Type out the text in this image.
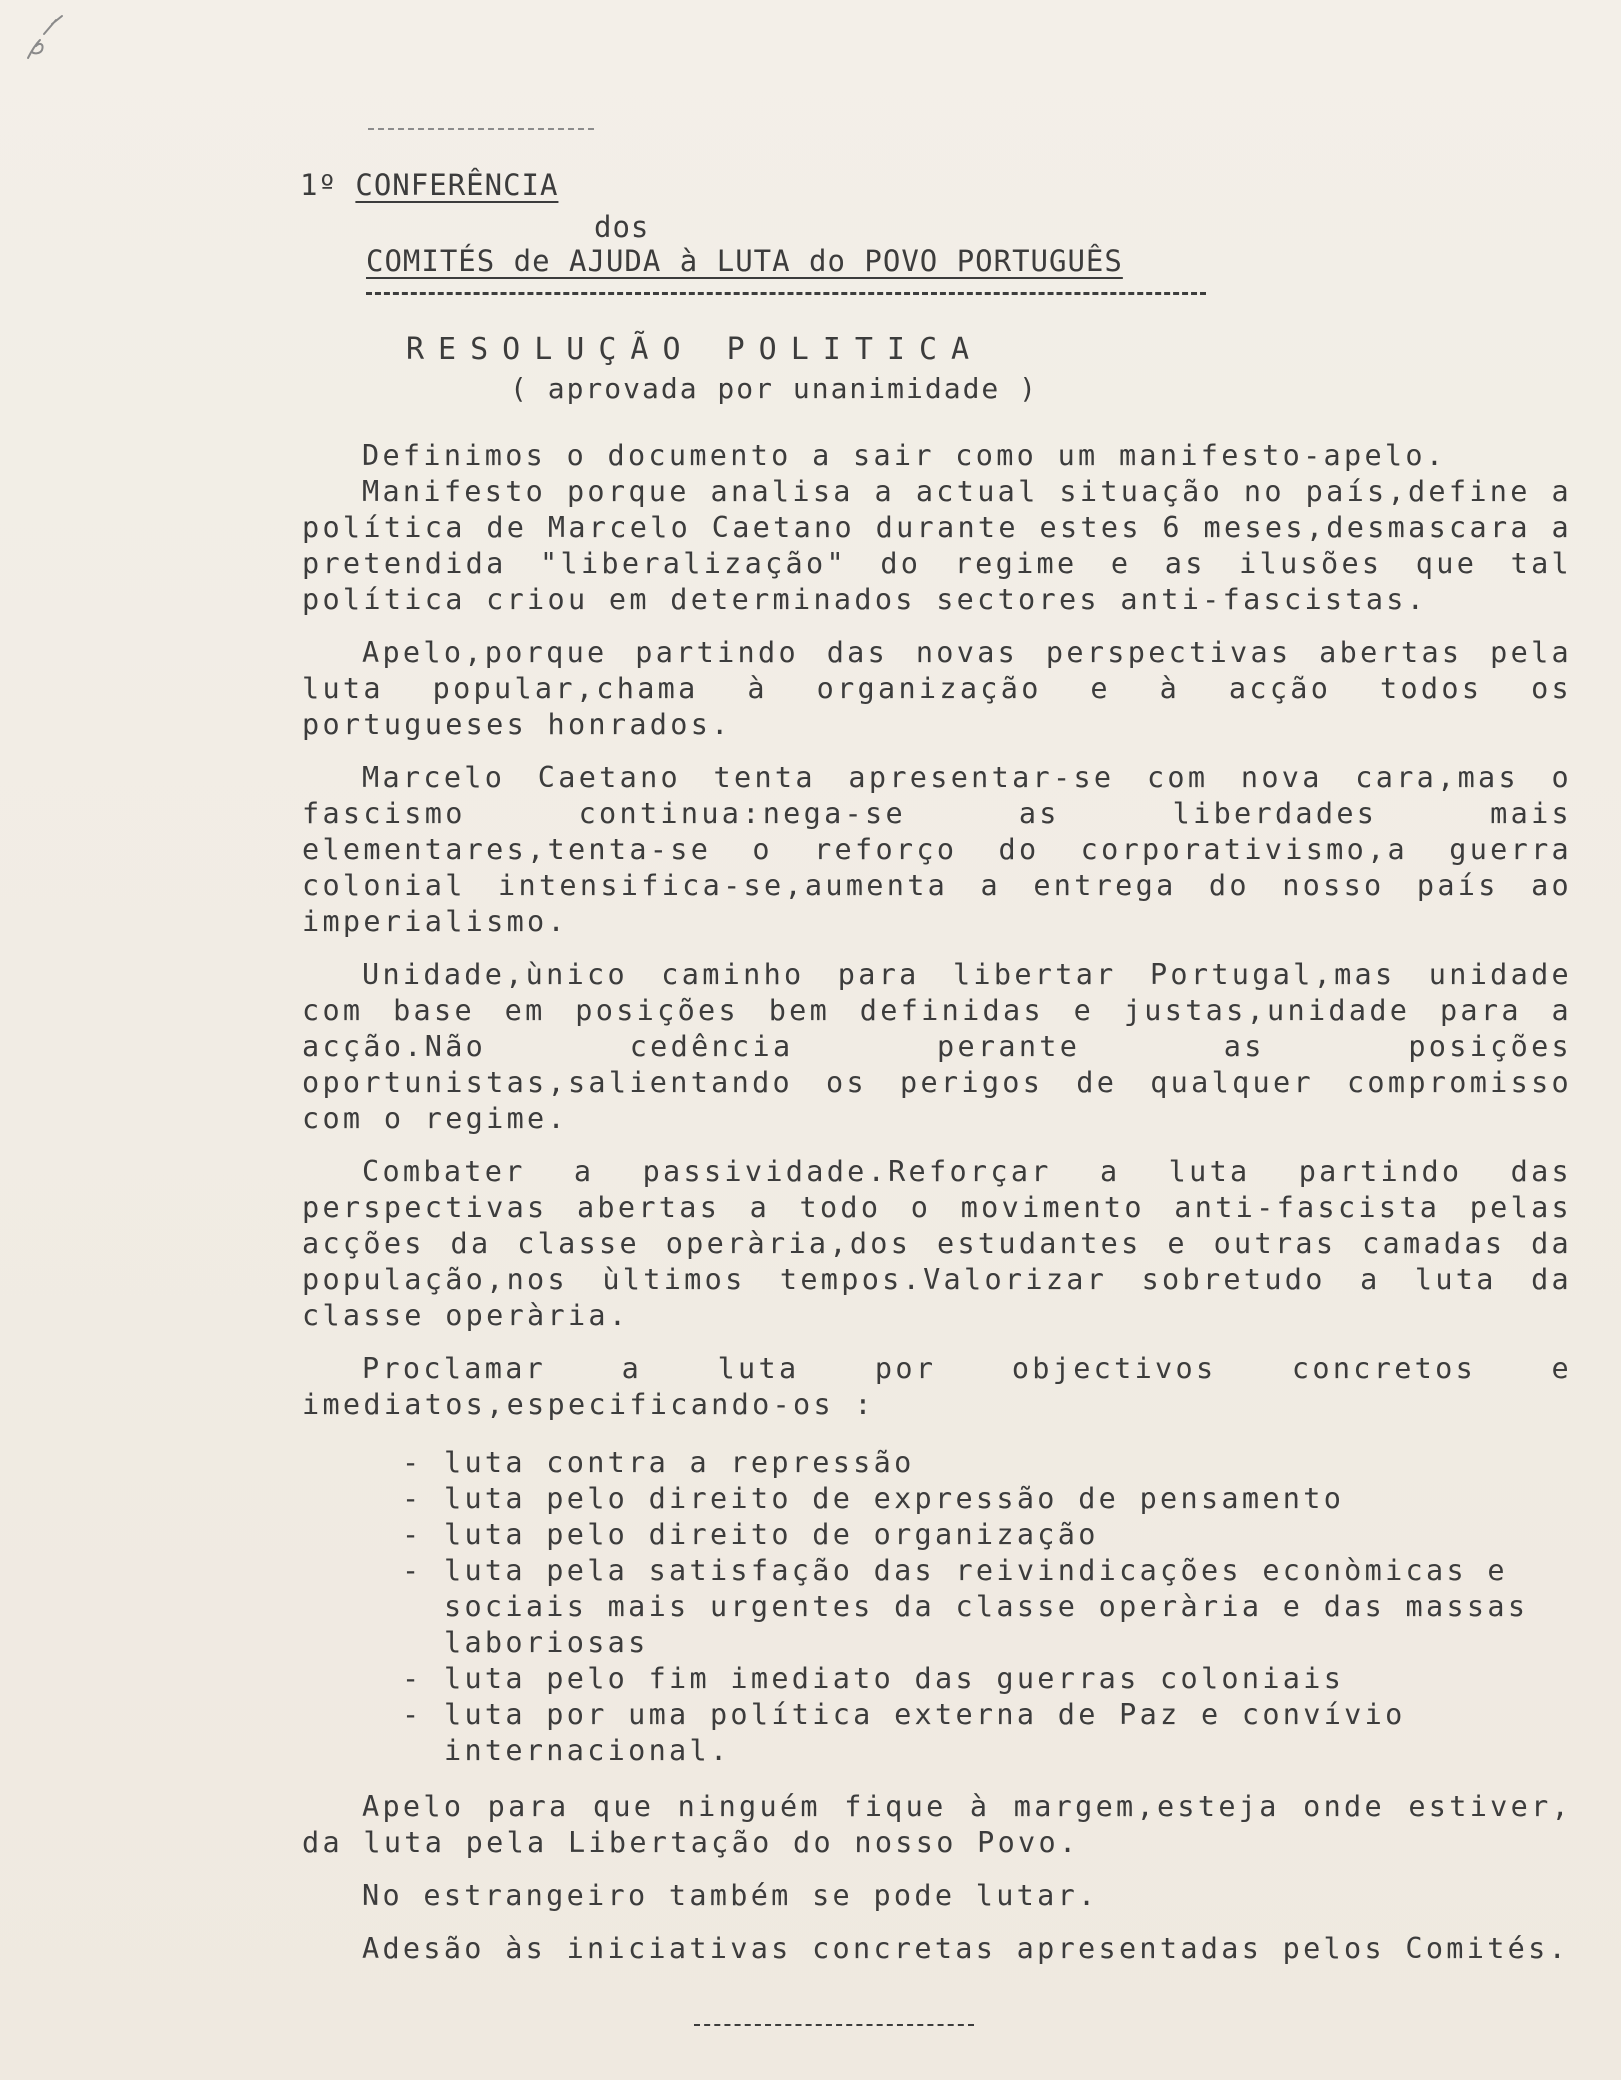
1º CONFERÊNCIA
dos
COMITÉS de AJUDA à LUTA do POVO PORTUGUÊS
RESOLUÇÃO POLITICA
( aprovada por unanimidade )

Definimos o documento a sair como um manifesto-apelo.

Manifesto porque analisa a actual situação no país,define a política de Marcelo Caetano durante estes 6 meses,desmascara a pretendida "liberalização" do regime e as ilusões que tal política criou em determinados sectores anti-fascistas.

Apelo,porque partindo das novas perspectivas abertas pela luta popular,chama à organização e à acção todos os portugueses honrados.

Marcelo Caetano tenta apresentar-se com nova cara,mas o fascismo continua:nega-se as liberdades mais elementares,tenta-se o reforço do corporativismo,a guerra colonial intensifica-se,aumenta a entrega do nosso país ao imperialismo.

Unidade,ùnico caminho para libertar Portugal,mas unidade com base em posições bem definidas e justas,unidade para a acção.Não cedência perante as posições oportunistas,salientando os perigos de qualquer compromisso com o regime.

Combater a passividade.Reforçar a luta partindo das perspectivas abertas a todo o movimento anti-fascista pelas acções da classe operària,dos estudantes e outras camadas da população,nos ùltimos tempos.Valorizar sobretudo a luta da classe operària.

Proclamar a luta por objectivos concretos e imediatos,especificando-os :

- luta contra a repressão
- luta pelo direito de expressão de pensamento
- luta pelo direito de organização
- luta pela satisfação das reivindicações econòmicas e sociais mais urgentes da classe operària e das massas laboriosas
- luta pelo fim imediato das guerras coloniais
- luta por uma política externa de Paz e convívio internacional.

Apelo para que ninguém fique à margem,esteja onde estiver, da luta pela Libertação do nosso Povo.

No estrangeiro também se pode lutar.

Adesão às iniciativas concretas apresentadas pelos Comités.
